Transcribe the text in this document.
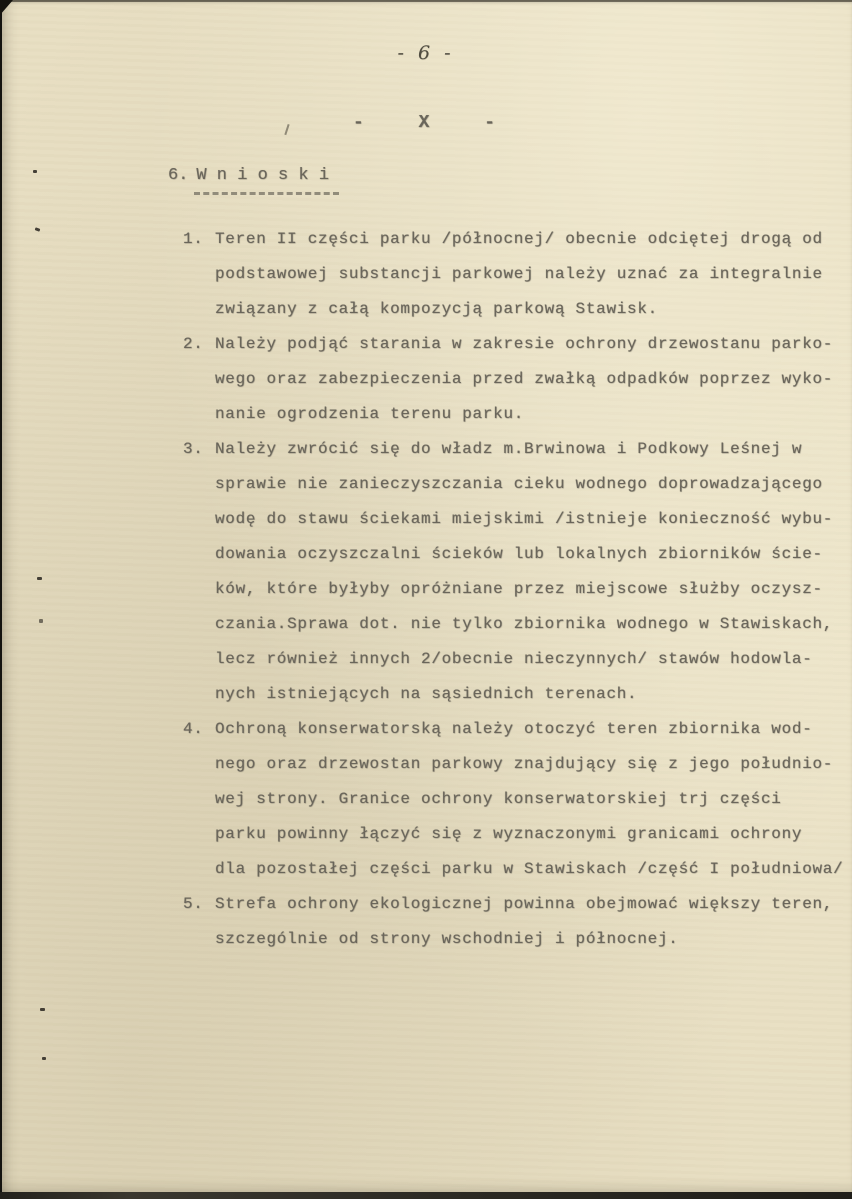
- 6 -
- X -
6. W n i o s k i
1. Teren II części parku /północnej/ obecnie odciętej drogą od
podstawowej substancji parkowej należy uznać za integralnie
związany z całą kompozycją parkową Stawisk.
2. Należy podjąć starania w zakresie ochrony drzewostanu parko-
wego oraz zabezpieczenia przed zwałką odpadków poprzez wyko-
nanie ogrodzenia terenu parku.
3. Należy zwrócić się do władz m.Brwinowa i Podkowy Leśnej w
sprawie nie zanieczyszczania cieku wodnego doprowadzającego
wodę do stawu ściekami miejskimi /istnieje konieczność wybu-
dowania oczyszczalni ścieków lub lokalnych zbiorników ście-
ków, które byłyby opróżniane przez miejscowe służby oczysz-
czania.Sprawa dot. nie tylko zbiornika wodnego w Stawiskach,
lecz również innych 2/obecnie nieczynnych/ stawów hodowla-
nych istniejących na sąsiednich terenach.
4. Ochroną konserwatorską należy otoczyć teren zbiornika wod-
nego oraz drzewostan parkowy znajdujący się z jego południo-
wej strony. Granice ochrony konserwatorskiej trj części
parku powinny łączyć się z wyznaczonymi granicami ochrony
dla pozostałej części parku w Stawiskach /część I południowa/
5. Strefa ochrony ekologicznej powinna obejmować większy teren,
szczególnie od strony wschodniej i północnej.
